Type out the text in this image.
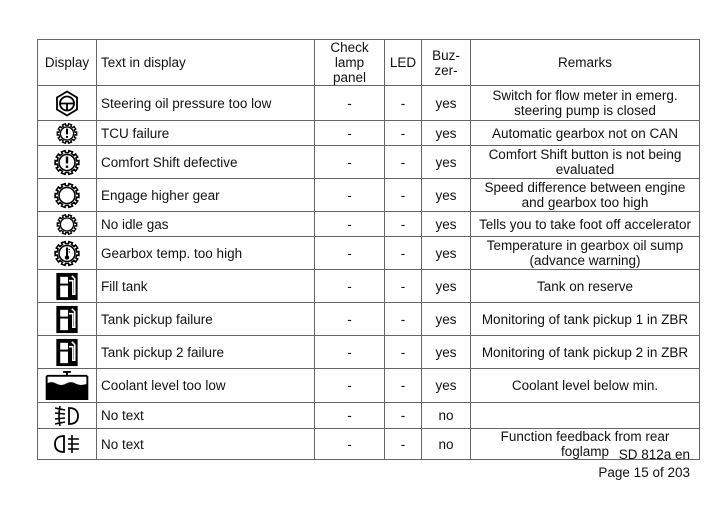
Display	Text in display	Check lamp panel	LED	Buz-zer-	Remarks

	Steering oil pressure too low	-	-	yes	Switch for flow meter in emerg. steering pump is closed

	TCU failure	-	-	yes	Automatic gearbox not on CAN

	Comfort Shift defective	-	-	yes	Comfort Shift button is not being evaluated

	Engage higher gear	-	-	yes	Speed difference between engine and gearbox too high

	No idle gas	-	-	yes	Tells you to take foot off accelerator

	Gearbox temp. too high	-	-	yes	Temperature in gearbox oil sump (advance warning)

	Fill tank	-	-	yes	Tank on reserve

	Tank pickup failure	-	-	yes	Monitoring of tank pickup 1 in ZBR

	Tank pickup 2 failure	-	-	yes	Monitoring of tank pickup 2 in ZBR

	Coolant level too low	-	-	yes	Coolant level below min.

	No text	-	-	no	

	No text	-	-	no	Function feedback from rear foglamp SD 812a en
Page 15 of 203
